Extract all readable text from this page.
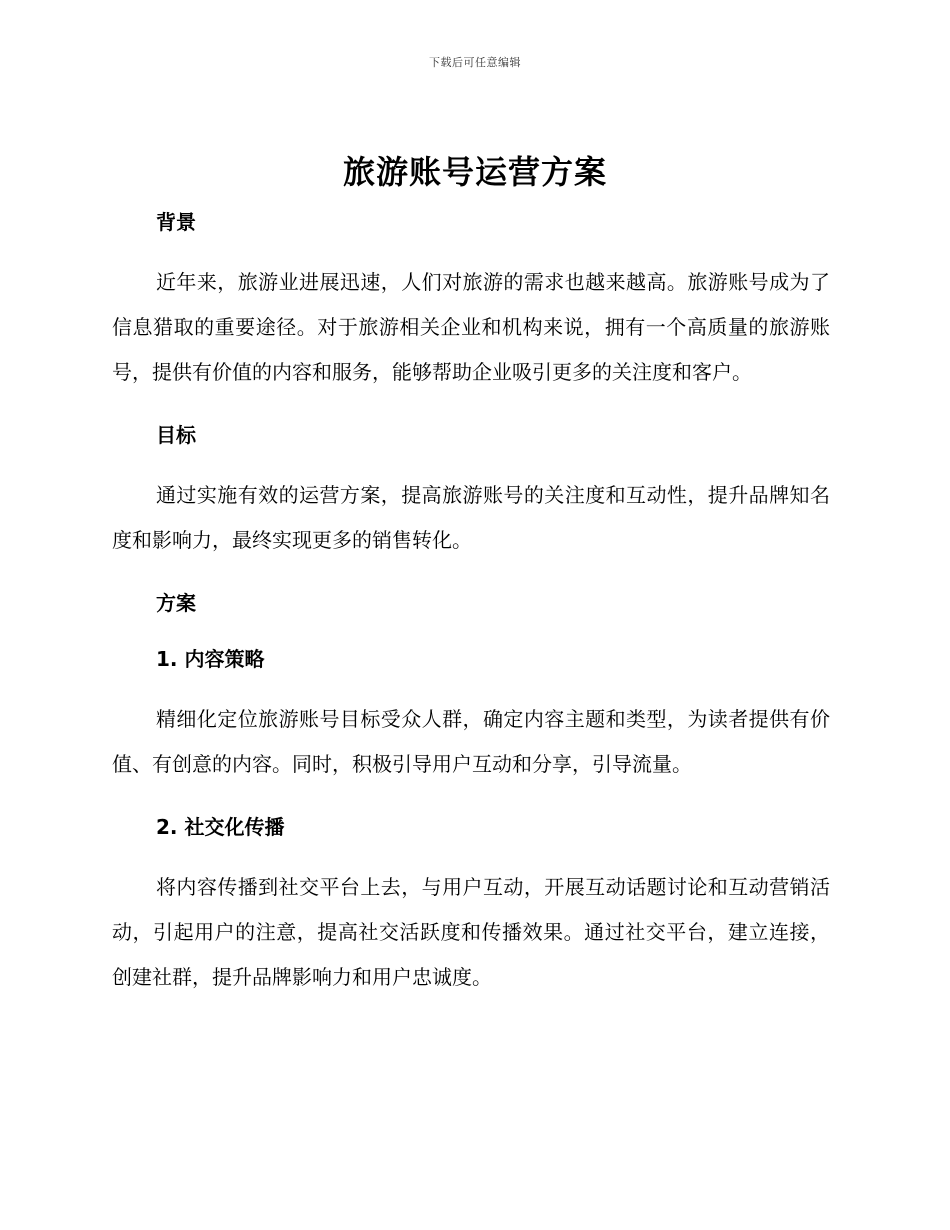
下载后可任意编辑
旅游账号运营方案
背景

近年来，旅游业进展迅速，人们对旅游的需求也越来越高。旅游账号成为了信息猎取的重要途径。对于旅游相关企业和机构来说，拥有一个高质量的旅游账号，提供有价值的内容和服务，能够帮助企业吸引更多的关注度和客户。

目标

通过实施有效的运营方案，提高旅游账号的关注度和互动性，提升品牌知名度和影响力，最终实现更多的销售转化。

方案
1. 内容策略

精细化定位旅游账号目标受众人群，确定内容主题和类型，为读者提供有价值、有创意的内容。同时，积极引导用户互动和分享，引导流量。

2. 社交化传播

将内容传播到社交平台上去，与用户互动，开展互动话题讨论和互动营销活动，引起用户的注意，提高社交活跃度和传播效果。通过社交平台，建立连接，创建社群，提升品牌影响力和用户忠诚度。
